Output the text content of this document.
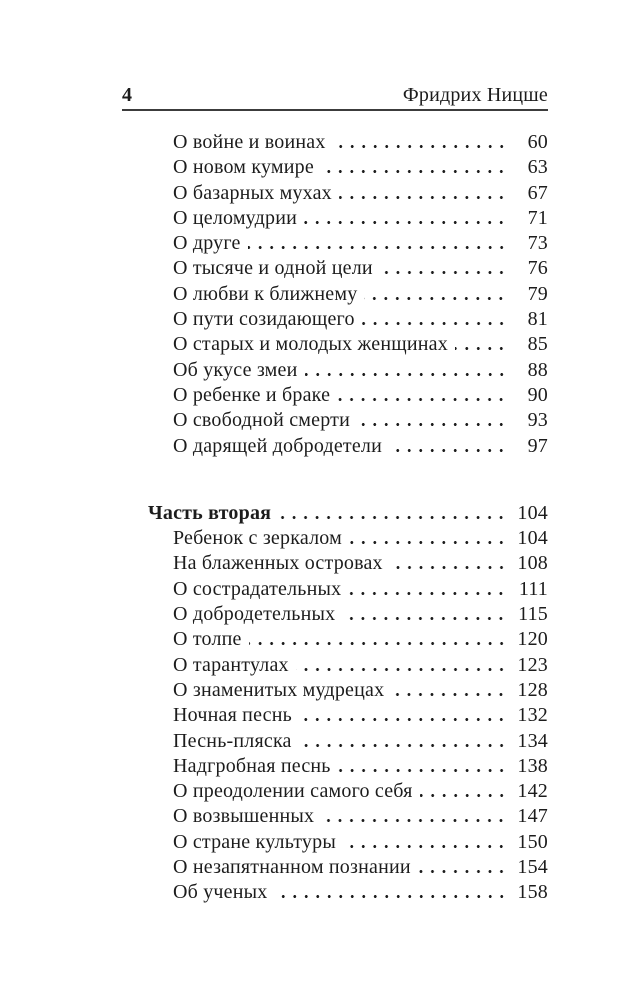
4	Фридрих Ницше
О войне и воинах	60
О новом кумире	63
О базарных мухах	67
О целомудрии	71
О друге	73
О тысяче и одной цели	76
О любви к ближнему	79
О пути созидающего	81
О старых и молодых женщинах	85
Об укусе змеи	88
О ребенке и браке	90
О свободной смерти	93
О дарящей добродетели	97
Часть вторая	104
Ребенок с зеркалом	104
На блаженных островах	108
О сострадательных	111
О добродетельных	115
О толпе	120
О тарантулах	123
О знаменитых мудрецах	128
Ночная песнь	132
Песнь-пляска	134
Надгробная песнь	138
О преодолении самого себя	142
О возвышенных	147
О стране культуры	150
О незапятнанном познании	154
Об ученых	158
